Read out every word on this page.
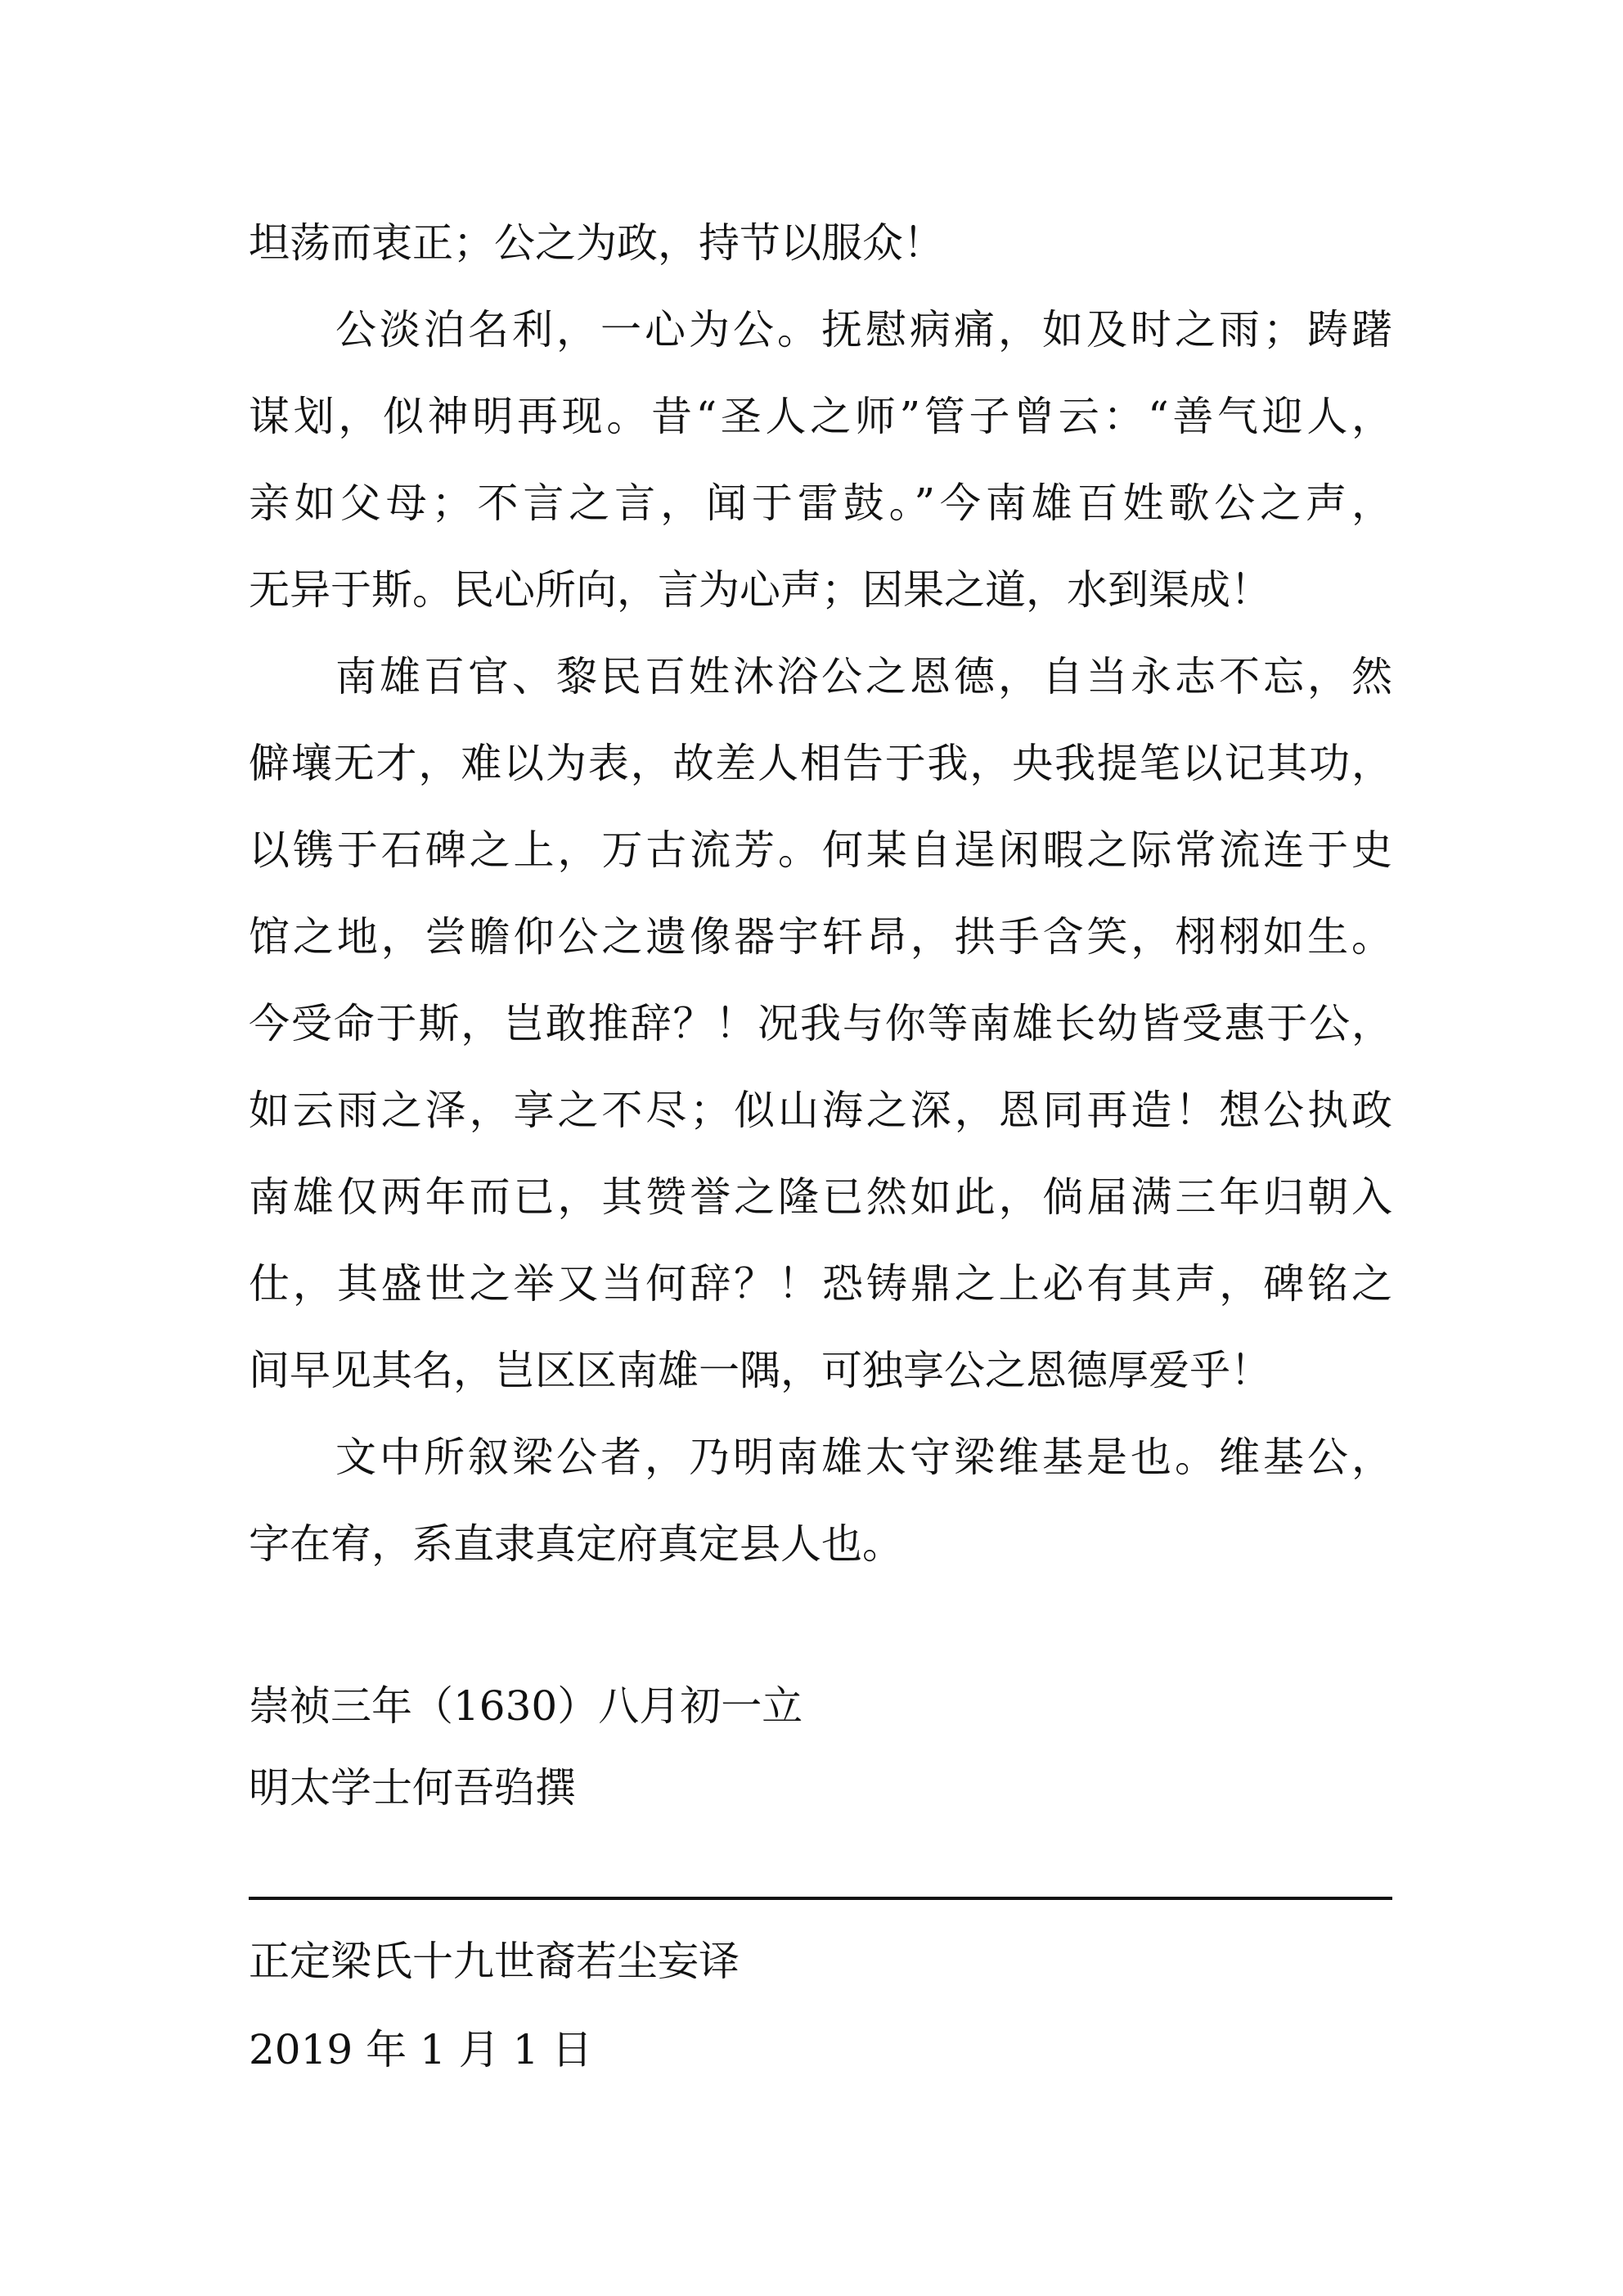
坦荡而衷正；公之为政，持节以服众！
公淡泊名利，一心为公。抚慰病痛，如及时之雨；踌躇
谋划，似神明再现。昔“圣人之师”管子曾云：“善气迎人，
亲如父母；不言之言，闻于雷鼓。”今南雄百姓歌公之声，
无异于斯。民心所向，言为心声；因果之道，水到渠成！
南雄百官、黎民百姓沐浴公之恩德，自当永志不忘，然
僻壤无才，难以为表，故差人相告于我，央我提笔以记其功，
以镌于石碑之上，万古流芳。何某自逞闲暇之际常流连于史
馆之地，尝瞻仰公之遗像器宇轩昂，拱手含笑，栩栩如生。
今受命于斯，岂敢推辞？！况我与你等南雄长幼皆受惠于公，
如云雨之泽，享之不尽；似山海之深，恩同再造！想公执政
南雄仅两年而已，其赞誉之隆已然如此，倘届满三年归朝入
仕，其盛世之举又当何辞？！恐铸鼎之上必有其声，碑铭之
间早见其名，岂区区南雄一隅，可独享公之恩德厚爱乎！
文中所叙梁公者，乃明南雄太守梁维基是也。维基公，
字在宥，系直隶真定府真定县人也。
崇祯三年（1630）八月初一立
明太学士何吾驺撰
正定梁氏十九世裔若尘妄译
2019 年 1 月 1 日
